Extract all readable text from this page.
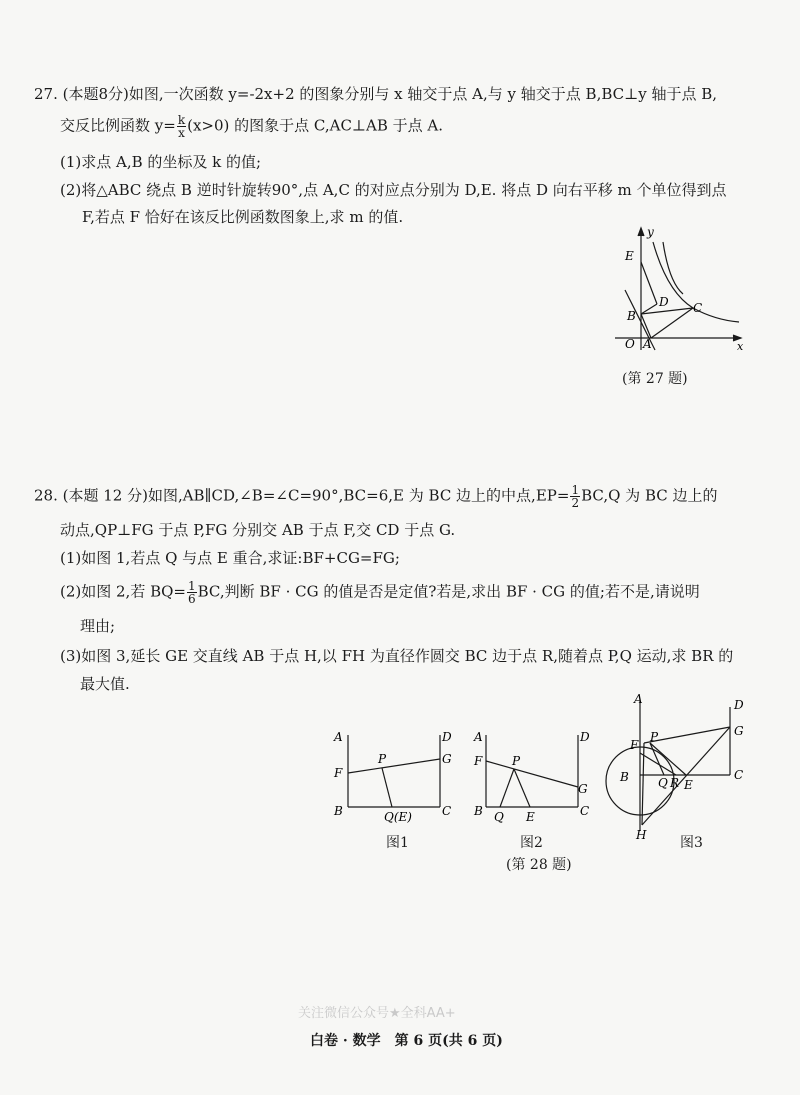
27. (本题8分)如图,一次函数 y=-2x+2 的图象分别与 x 轴交于点 A,与 y 轴交于点 B,BC⊥y 轴于点 B,
交反比例函数 $y= \frac{k}{x} (x>0)$ 的图象于点 C,AC⊥AB 于点 A.
(1)求点 A,B 的坐标及 k 的值;
(2)将△ABC 绕点 B 逆时针旋转90°,点 A,C 的对应点分别为 D,E. 将点 D 向右平移 m 个单位得到点
F,若点 F 恰好在该反比例函数图象上,求 m 的值.
y
E
D C
B
O A	x
(第 27 题)
28. (本题 12 分)如图,AB∥CD,∠B=∠C=90°,BC=6,E 为 BC 边上的中点$,EP= \frac{1}{2} BC,Q$ 为 BC 边上的
动点,QP⊥FG 于点 P,FG 分别交 AB 于点 F,交 CD 于点 G.
(1)如图 1,若点 Q 与点 E 重合,求证:BF+CG=FG;
(2)如图 2,若 $BQ= \frac{1}{6}$ BC,判断 BF · CG 的值是否是定值?若是,求出 BF · CG 的值;若不是,请说明
理由;
(3)如图 3,延长 GE 交直线 AB 于点 H,以 FH 为直径作圆交 BC 边于点 R,随着点 P,Q 运动,求 BR 的
最大值.
A	D
F
P	G
B	Q(E)	C
图1
A	D
F P
G
B Q E	C
图2
A	D
F
P	G
B	C
Q R E
H 图3
(第 28 题)
关注微信公众号★全科AA+
白卷 · 数学　第 6 页(共 6 页)
